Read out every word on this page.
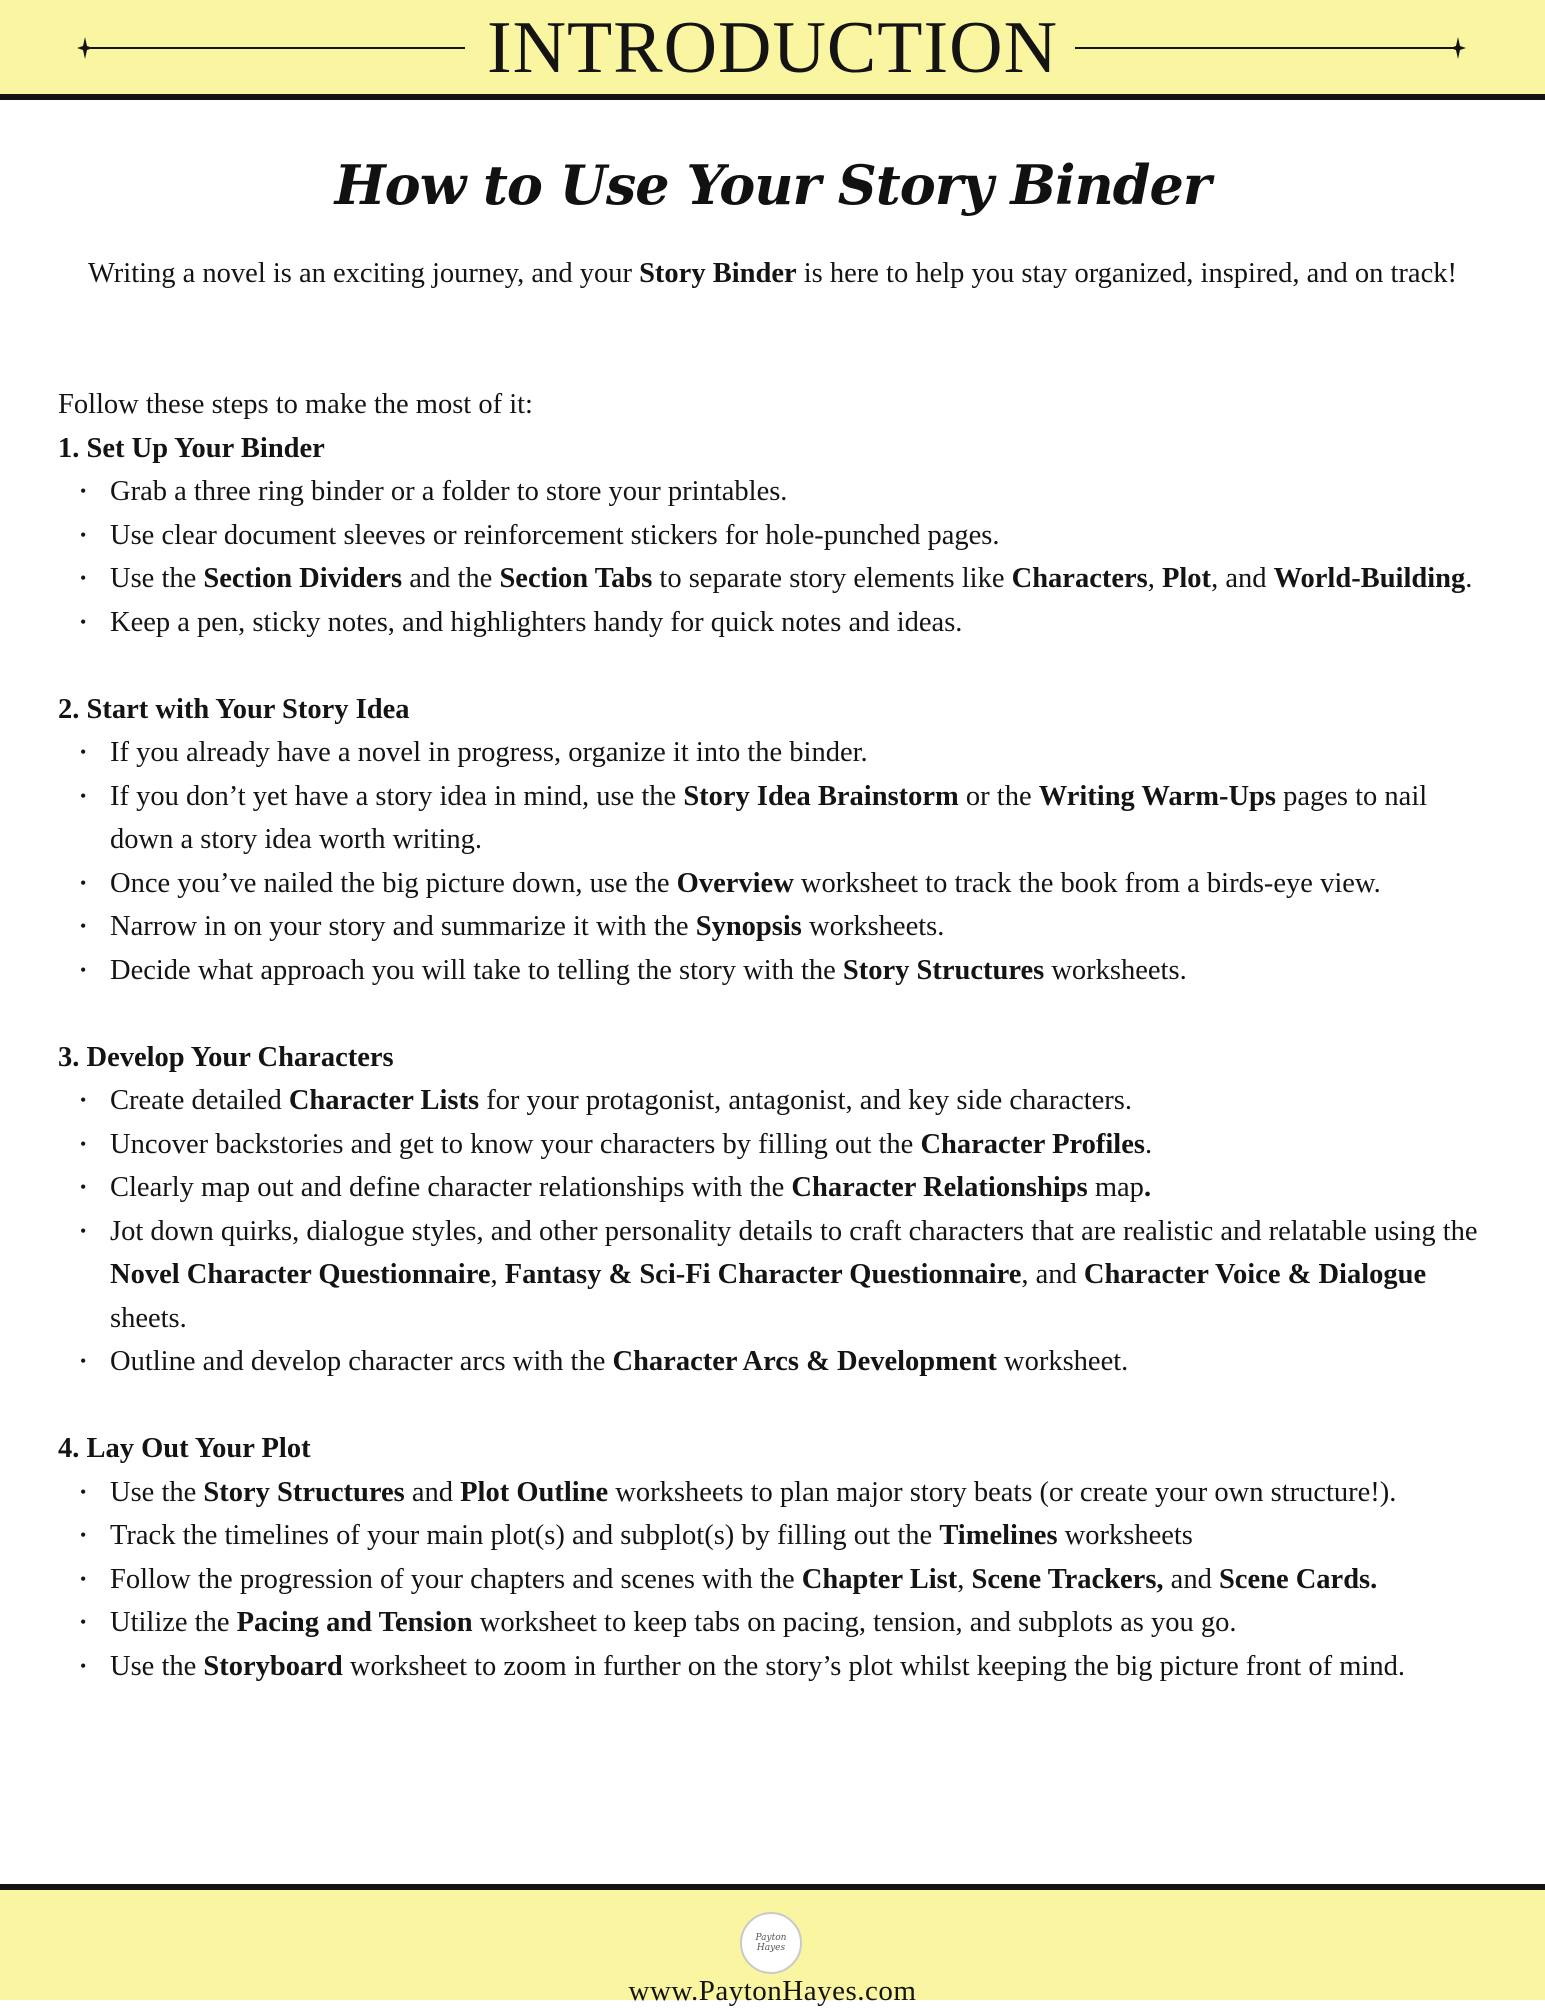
INTRODUCTION
How to Use Your Story Binder
Writing a novel is an exciting journey, and your Story Binder is here to help you stay organized, inspired, and on track!

Follow these steps to make the most of it:

1. Set Up Your Binder

• Grab a three ring binder or a folder to store your printables.
• Use clear document sleeves or reinforcement stickers for hole-punched pages.
• Use the Section Dividers and the Section Tabs to separate story elements like Characters, Plot, and World-Building.
• Keep a pen, sticky notes, and highlighters handy for quick notes and ideas.

2. Start with Your Story Idea

• If you already have a novel in progress, organize it into the binder.
• If you don’t yet have a story idea in mind, use the Story Idea Brainstorm or the Writing Warm-Ups pages to nail down a story idea worth writing.
• Once you’ve nailed the big picture down, use the Overview worksheet to track the book from a birds-eye view.
• Narrow in on your story and summarize it with the Synopsis worksheets.
• Decide what approach you will take to telling the story with the Story Structures worksheets.

3. Develop Your Characters

• Create detailed Character Lists for your protagonist, antagonist, and key side characters.
• Uncover backstories and get to know your characters by filling out the Character Profiles.
• Clearly map out and define character relationships with the Character Relationships map.
• Jot down quirks, dialogue styles, and other personality details to craft characters that are realistic and relatable using the Novel Character Questionnaire, Fantasy & Sci-Fi Character Questionnaire, and Character Voice & Dialogue sheets.
• Outline and develop character arcs with the Character Arcs & Development worksheet.

4. Lay Out Your Plot

• Use the Story Structures and Plot Outline worksheets to plan major story beats (or create your own structure!).
• Track the timelines of your main plot(s) and subplot(s) by filling out the Timelines worksheets
• Follow the progression of your chapters and scenes with the Chapter List, Scene Trackers, and Scene Cards.
• Utilize the Pacing and Tension worksheet to keep tabs on pacing, tension, and subplots as you go.
• Use the Storyboard worksheet to zoom in further on the story’s plot whilst keeping the big picture front of mind.
Payton Hayes
www.PaytonHayes.com
